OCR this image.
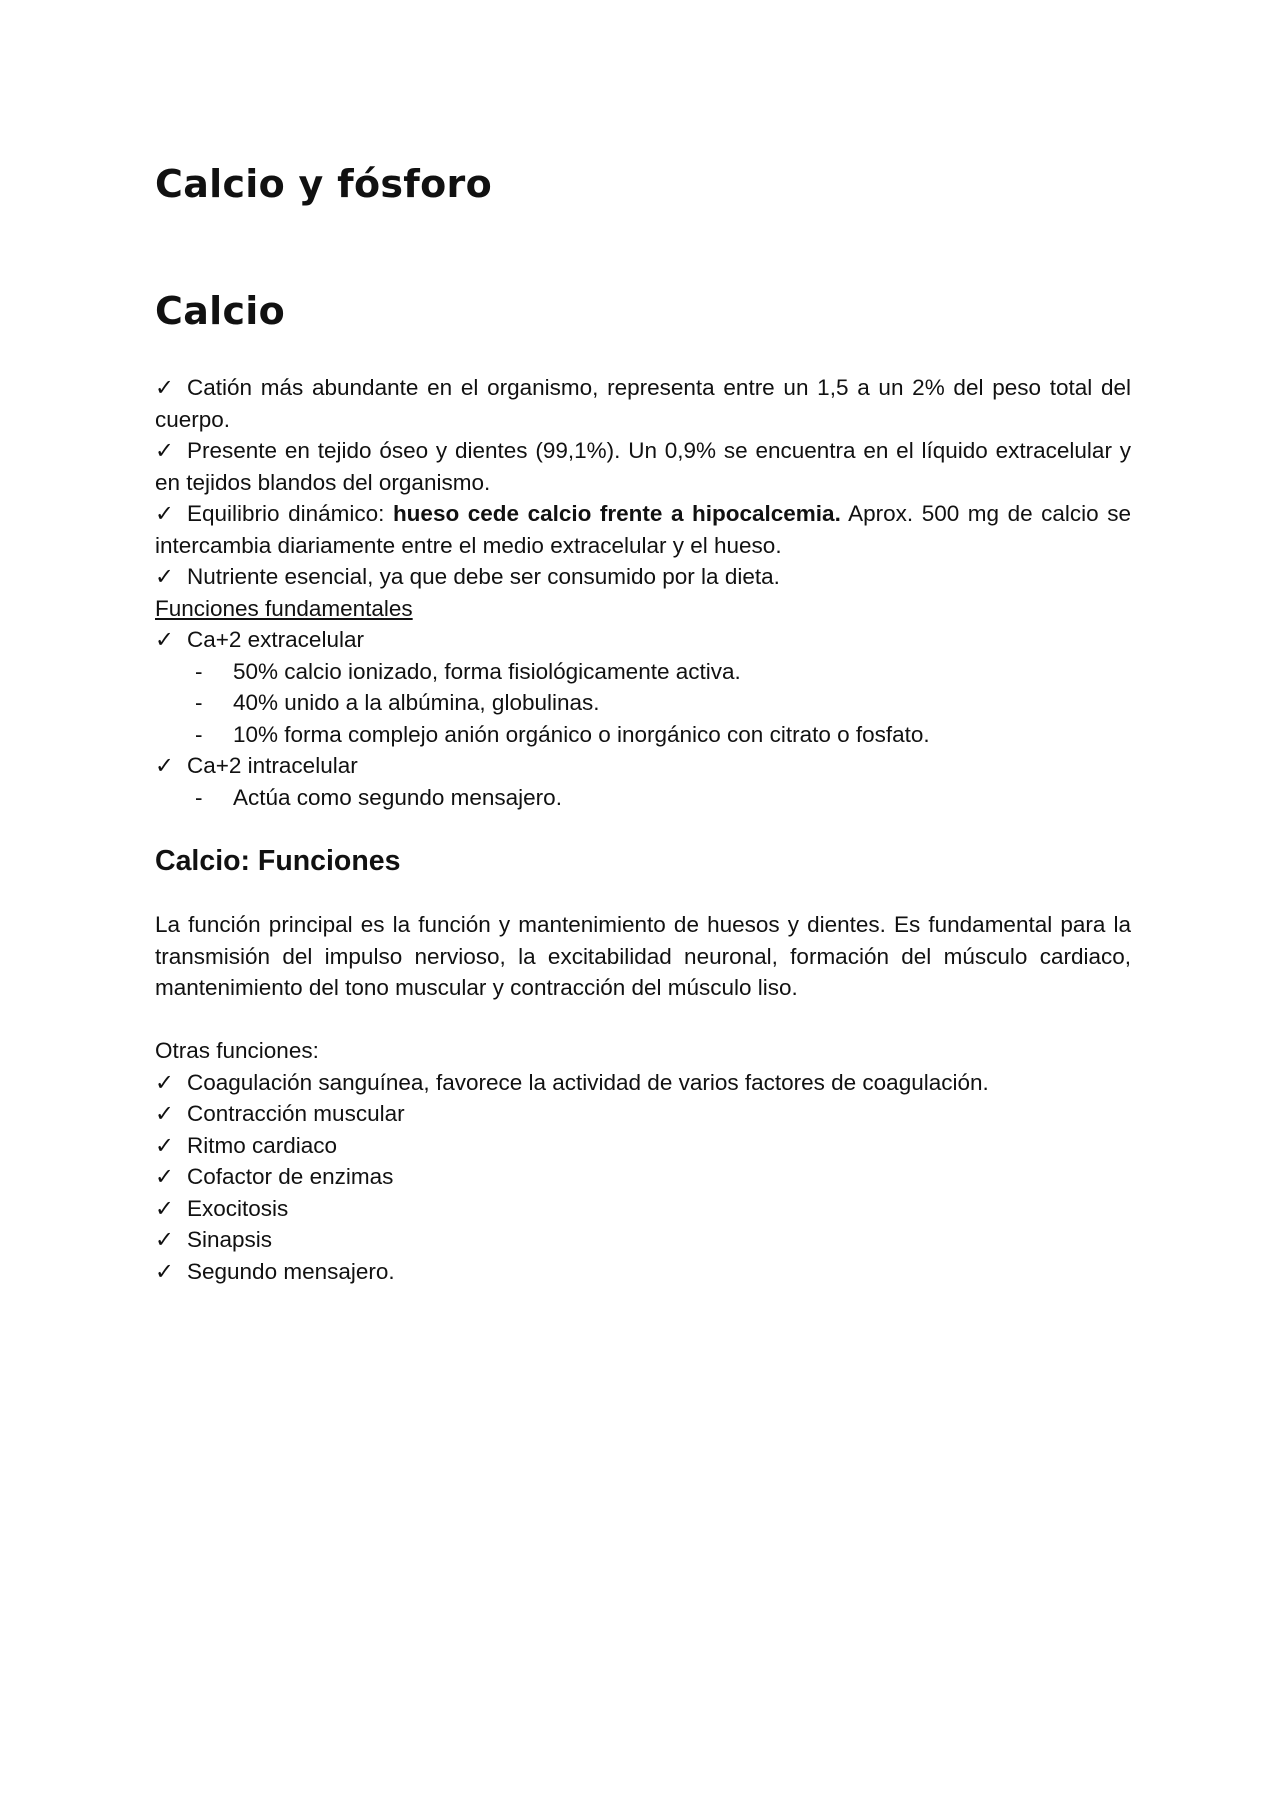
Calcio y fósforo
Calcio

✓ Catión más abundante en el organismo, representa entre un 1,5 a un 2% del peso total del cuerpo.

✓ Presente en tejido óseo y dientes (99,1%). Un 0,9% se encuentra en el líquido extracelular y en tejidos blandos del organismo.

✓ Equilibrio dinámico: hueso cede calcio frente a hipocalcemia. Aprox. 500 mg de calcio se intercambia diariamente entre el medio extracelular y el hueso.

✓ Nutriente esencial, ya que debe ser consumido por la dieta.

Funciones fundamentales

✓ Ca+2 extracelular

- 50% calcio ionizado, forma fisiológicamente activa.

- 40% unido a la albúmina, globulinas.

- 10% forma complejo anión orgánico o inorgánico con citrato o fosfato.

✓ Ca+2 intracelular

- Actúa como segundo mensajero.

Calcio: Funciones

La función principal es la función y mantenimiento de huesos y dientes. Es fundamental para la transmisión del impulso nervioso, la excitabilidad neuronal, formación del músculo cardiaco, mantenimiento del tono muscular y contracción del músculo liso.

Otras funciones:

✓ Coagulación sanguínea, favorece la actividad de varios factores de coagulación.

✓ Contracción muscular

✓ Ritmo cardiaco

✓ Cofactor de enzimas

✓ Exocitosis

✓ Sinapsis

✓ Segundo mensajero.
